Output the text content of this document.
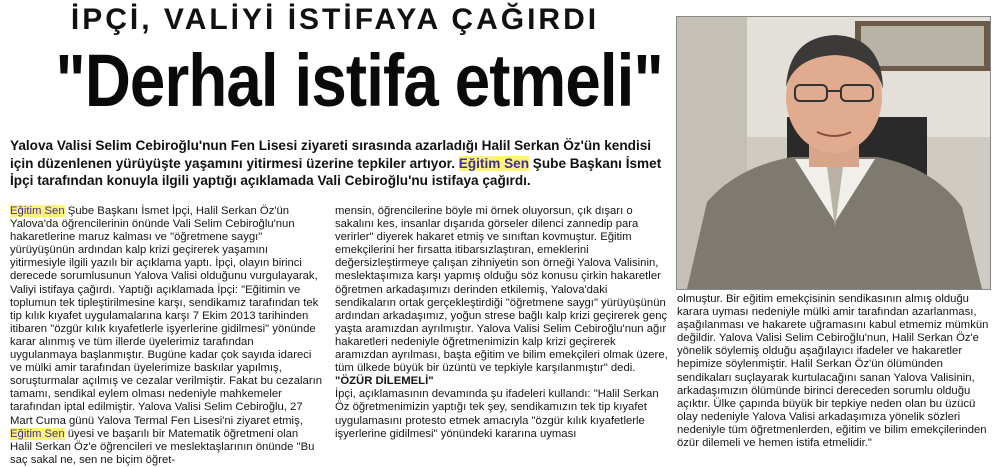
İPÇİ, VALİYİ İSTİFAYA ÇAĞIRDI
"Derhal istifa etmeli"
Yalova Valisi Selim Cebiroğlu'nun Fen Lisesi ziyareti sırasında azarladığı Halil Serkan Öz'ün kendisi için düzenlenen yürüyüşte yaşamını yitirmesi üzerine tepkiler artıyor. Eğitim Sen Şube Başkanı İsmet İpçi tarafından konuyla ilgili yaptığı açıklamada Vali Cebiroğlu'nu istifaya çağırdı.

Eğitim Sen Şube Başkanı İsmet İpçi, Halil Serkan Öz'ün Yalova'da öğrencilerinin önünde Vali Selim Cebiroğlu'nun hakaretlerine maruz kalması ve "öğretmene saygı" yürüyüşünün ardından kalp krizi geçirerek yaşamını yitirmesiyle ilgili yazılı bir açıklama yaptı. İpçi, olayın birinci derecede sorumlusunun Yalova Valisi olduğunu vurgulayarak, Valiyi istifaya çağırdı. Yaptığı açıklamada İpçi: "Eğitimin ve toplumun tek tipleştirilmesine karşı, sendikamız tarafından tek tip kılık kıyafet uygulamalarına karşı 7 Ekim 2013 tarihinden itibaren "özgür kılık kıyafetlerle işyerlerine gidilmesi" yönünde karar alınmış ve tüm illerde üyelerimiz tarafından uygulanmaya başlanmıştır. Bugüne kadar çok sayıda idareci ve mülki amir tarafından üyelerimize baskılar yapılmış, soruşturmalar açılmış ve cezalar verilmiştir. Fakat bu cezaların tamamı, sendikal eylem olması nedeniyle mahkemeler tarafından iptal edilmiştir. Yalova Valisi Selim Cebiroğlu, 27 Mart Cuma günü Yalova Termal Fen Lisesi'ni ziyaret etmiş, Eğitim Sen üyesi ve başarılı bir Matematik öğretmeni olan Halil Serkan Öz'e öğrencileri ve meslektaşlarının önünde "Bu saç sakal ne, sen ne biçim öğret-

mensin, öğrencilerine böyle mi örnek oluyorsun, çık dışarı o sakalını kes, insanlar dışarıda görseler dilenci zannedip para verirler" diyerek hakaret etmiş ve sınıftan kovmuştur. Eğitim emekçilerini her fırsatta itibarsızlaştıran, emeklerini değersizleştirmeye çalışan zihniyetin son örneği Yalova Valisinin, meslektaşımıza karşı yapmış olduğu söz konusu çirkin hakaretler öğretmen arkadaşımızı derinden etkilemiş, Yalova'daki sendikaların ortak gerçekleştirdiği "öğretmene saygı" yürüyüşünün ardından arkadaşımız, yoğun strese bağlı kalp krizi geçirerek genç yaşta aramızdan ayrılmıştır. Yalova Valisi Selim Cebiroğlu'nun ağır hakaretleri nedeniyle öğretmenimizin kalp krizi geçirerek aramızdan ayrılması, başta eğitim ve bilim emekçileri olmak üzere, tüm ülkede büyük bir üzüntü ve tepkiyle karşılanmıştır" dedi.

"ÖZÜR DİLEMELİ"

İpçi, açıklamasının devamında şu ifadeleri kullandı: "Halil Serkan Öz öğretmenimizin yaptığı tek şey, sendikamızın tek tip kıyafet uygulamasını protesto etmek amacıyla "özgür kılık kıyafetlerle işyerlerine gidilmesi" yönündeki kararına uyması

olmuştur. Bir eğitim emekçisinin sendikasının almış olduğu karara uyması nedeniyle mülki amir tarafından azarlanması, aşağılanması ve hakarete uğramasını kabul etmemiz mümkün değildir. Yalova Valisi Selim Cebiroğlu'nun, Halil Serkan Öz'e yönelik söylemiş olduğu aşağılayıcı ifadeler ve hakaretler hepimize söylenmiştir. Halil Serkan Öz'ün ölümünden sendikaları suçlayarak kurtulacağını sanan Yalova Valisinin, arkadaşımızın ölümünde birinci dereceden sorumlu olduğu açıktır. Ülke çapında büyük bir tepkiye neden olan bu üzücü olay nedeniyle Yalova Valisi arkadaşımıza yönelik sözleri nedeniyle tüm öğretmenlerden, eğitim ve bilim emekçilerinden özür dilemeli ve hemen istifa etmelidir."
